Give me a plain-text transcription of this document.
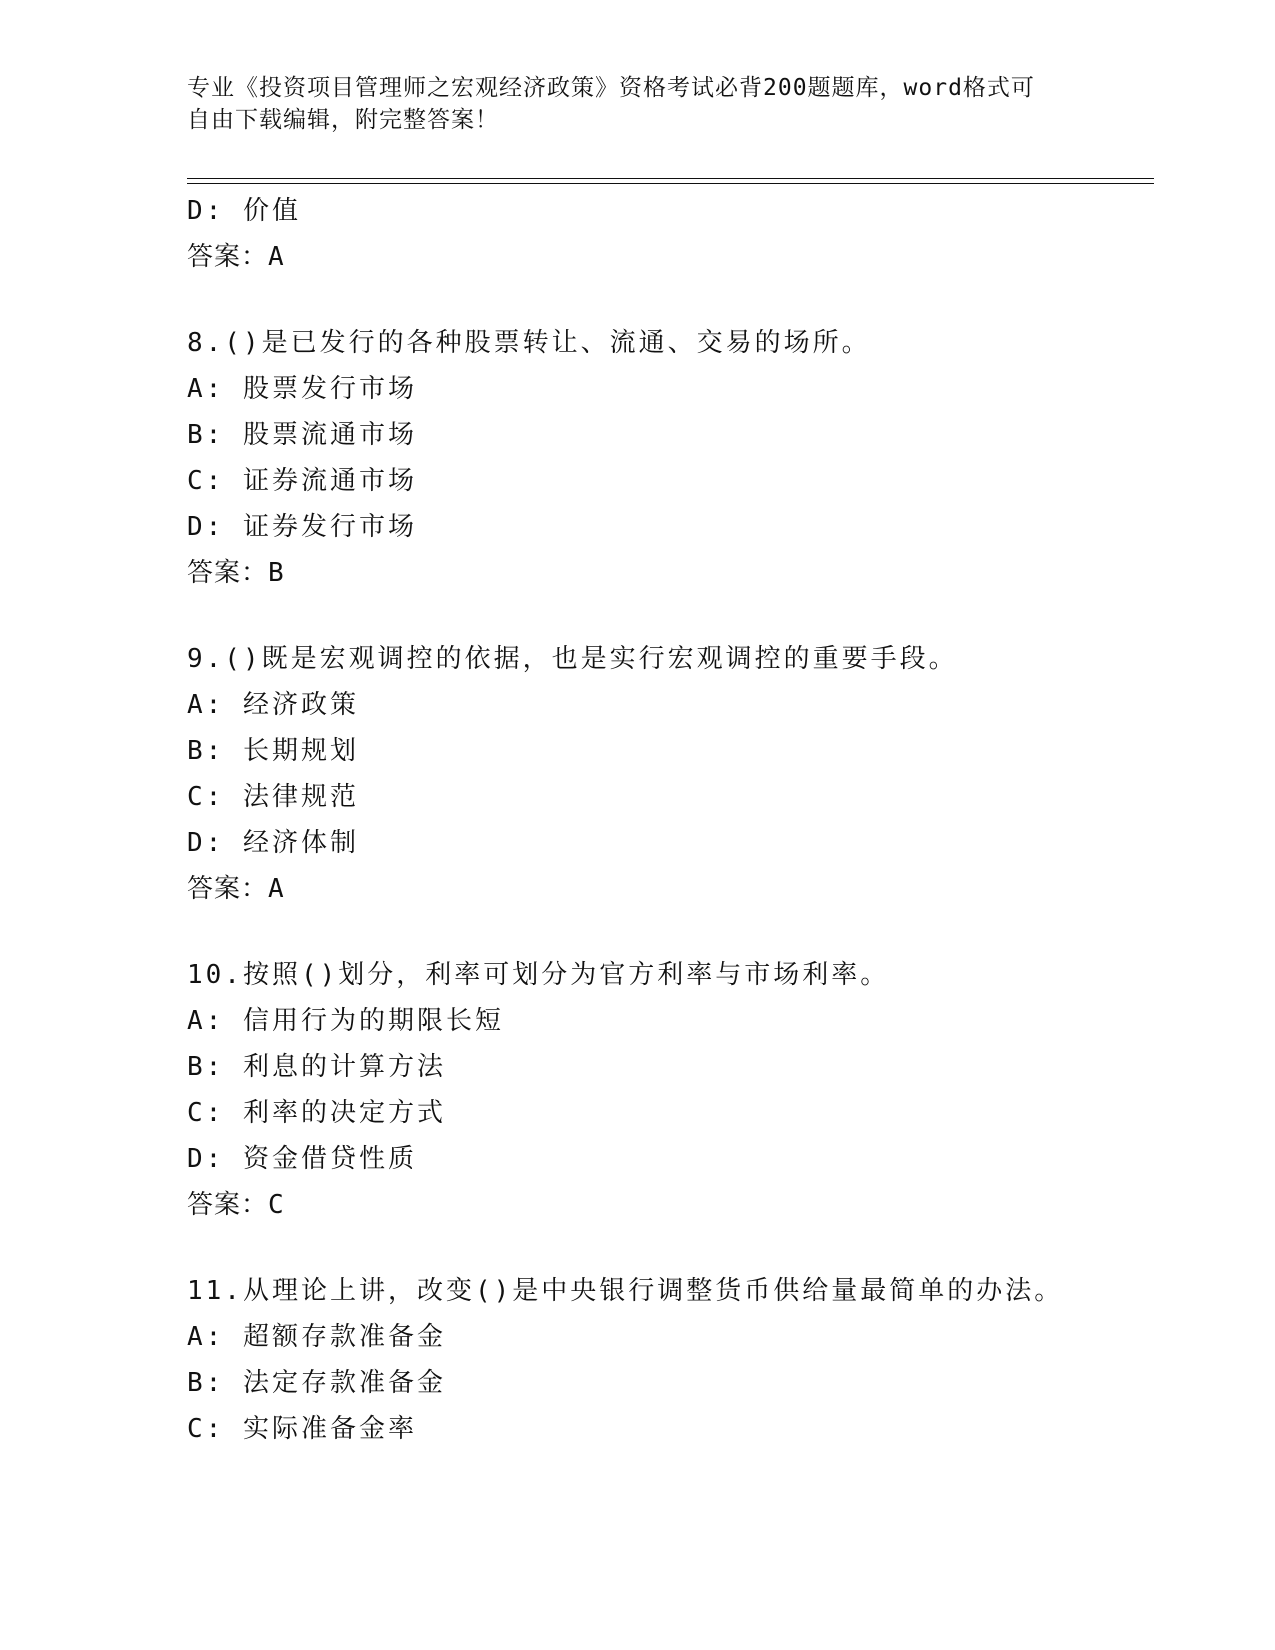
专业《投资项目管理师之宏观经济政策》资格考试必背200题题库，word格式可
自由下载编辑，附完整答案！
D: 价值
答案：A
8.()是已发行的各种股票转让、流通、交易的场所。
A: 股票发行市场
B: 股票流通市场
C: 证券流通市场
D: 证券发行市场
答案：B
9.()既是宏观调控的依据，也是实行宏观调控的重要手段。
A: 经济政策
B: 长期规划
C: 法律规范
D: 经济体制
答案：A
10.按照()划分，利率可划分为官方利率与市场利率。
A: 信用行为的期限长短
B: 利息的计算方法
C: 利率的决定方式
D: 资金借贷性质
答案：C
11.从理论上讲，改变()是中央银行调整货币供给量最简单的办法。
A: 超额存款准备金
B: 法定存款准备金
C: 实际准备金率
